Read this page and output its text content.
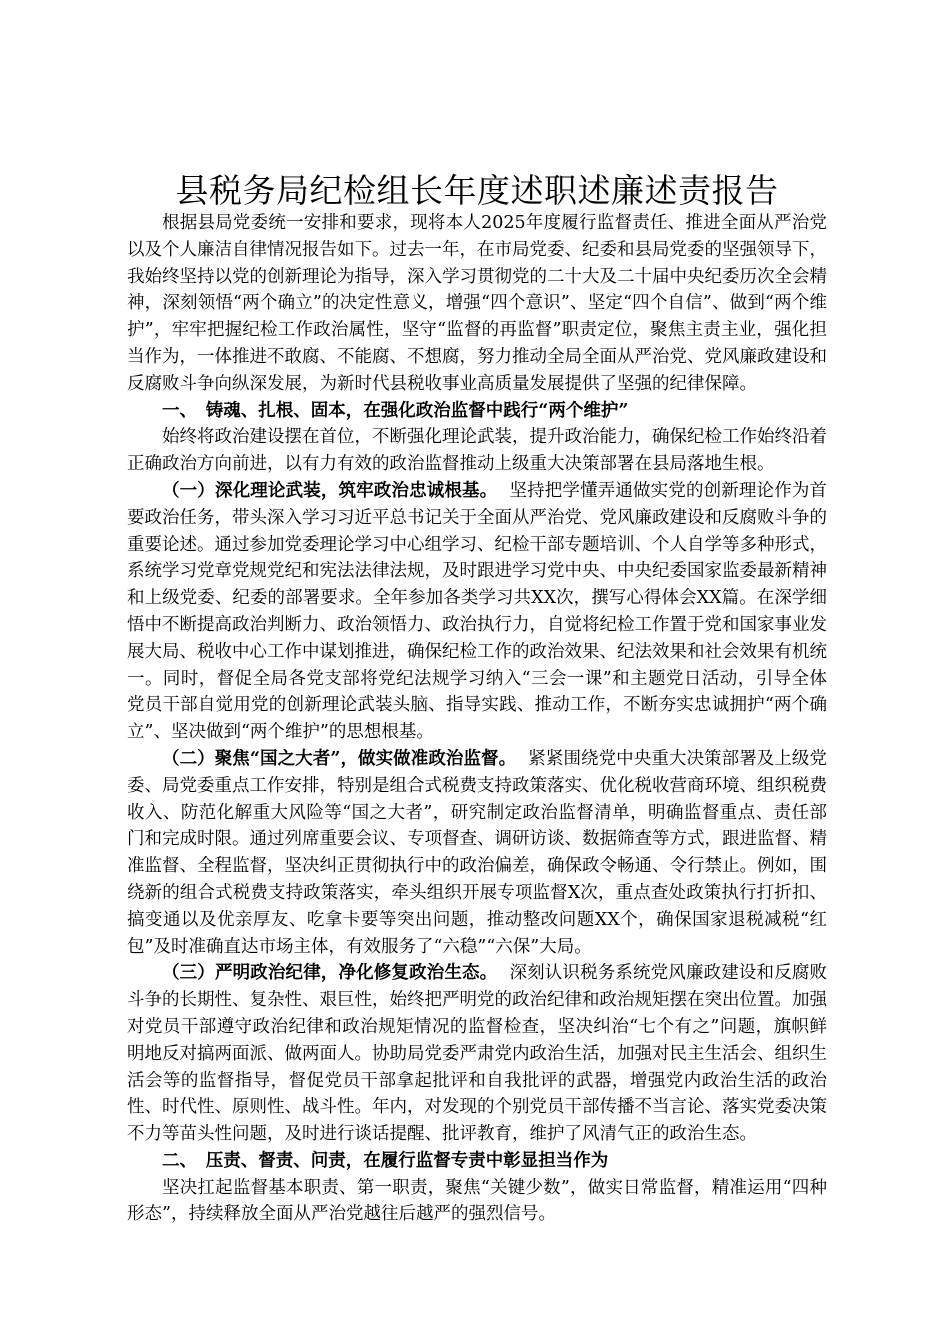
县税务局纪检组长年度述职述廉述责报告

根据县局党委统一安排和要求，现将本人2025年度履行监督责任、推进全面从严治党以及个人廉洁自律情况报告如下。过去一年，在市局党委、纪委和县局党委的坚强领导下，我始终坚持以党的创新理论为指导，深入学习贯彻党的二十大及二十届中央纪委历次全会精神，深刻领悟“两个确立”的决定性意义，增强“四个意识”、坚定“四个自信”、做到“两个维护”，牢牢把握纪检工作政治属性，坚守“监督的再监督”职责定位，聚焦主责主业，强化担当作为，一体推进不敢腐、不能腐、不想腐，努力推动全局全面从严治党、党风廉政建设和反腐败斗争向纵深发展，为新时代县税收事业高质量发展提供了坚强的纪律保障。

一、　铸魂、扎根、固本，在强化政治监督中践行“两个维护”

始终将政治建设摆在首位，不断强化理论武装，提升政治能力，确保纪检工作始终沿着正确政治方向前进，以有力有效的政治监督推动上级重大决策部署在县局落地生根。

（一）深化理论武装，筑牢政治忠诚根基。 坚持把学懂弄通做实党的创新理论作为首要政治任务，带头深入学习习近平总书记关于全面从严治党、党风廉政建设和反腐败斗争的重要论述。通过参加党委理论学习中心组学习、纪检干部专题培训、个人自学等多种形式，系统学习党章党规党纪和宪法法律法规，及时跟进学习党中央、中央纪委国家监委最新精神和上级党委、纪委的部署要求。全年参加各类学习共XX次，撰写心得体会XX篇。在深学细悟中不断提高政治判断力、政治领悟力、政治执行力，自觉将纪检工作置于党和国家事业发展大局、税收中心工作中谋划推进，确保纪检工作的政治效果、纪法效果和社会效果有机统一。同时，督促全局各党支部将党纪法规学习纳入“三会一课”和主题党日活动，引导全体党员干部自觉用党的创新理论武装头脑、指导实践、推动工作，不断夯实忠诚拥护“两个确立”、坚决做到“两个维护”的思想根基。

（二）聚焦“国之大者”，做实做准政治监督。 紧紧围绕党中央重大决策部署及上级党委、局党委重点工作安排，特别是组合式税费支持政策落实、优化税收营商环境、组织税费收入、防范化解重大风险等“国之大者”，研究制定政治监督清单，明确监督重点、责任部门和完成时限。通过列席重要会议、专项督查、调研访谈、数据筛查等方式，跟进监督、精准监督、全程监督，坚决纠正贯彻执行中的政治偏差，确保政令畅通、令行禁止。例如，围绕新的组合式税费支持政策落实，牵头组织开展专项监督X次，重点查处政策执行打折扣、搞变通以及优亲厚友、吃拿卡要等突出问题，推动整改问题XX个，确保国家退税减税“红包”及时准确直达市场主体，有效服务了“六稳”“六保”大局。

（三）严明政治纪律，净化修复政治生态。 深刻认识税务系统党风廉政建设和反腐败斗争的长期性、复杂性、艰巨性，始终把严明党的政治纪律和政治规矩摆在突出位置。加强对党员干部遵守政治纪律和政治规矩情况的监督检查，坚决纠治“七个有之”问题，旗帜鲜明地反对搞两面派、做两面人。协助局党委严肃党内政治生活，加强对民主生活会、组织生活会等的监督指导，督促党员干部拿起批评和自我批评的武器，增强党内政治生活的政治性、时代性、原则性、战斗性。年内，对发现的个别党员干部传播不当言论、落实党委决策不力等苗头性问题，及时进行谈话提醒、批评教育，维护了风清气正的政治生态。

二、　压责、督责、问责，在履行监督专责中彰显担当作为

坚决扛起监督基本职责、第一职责，聚焦“关键少数”，做实日常监督，精准运用“四种形态”，持续释放全面从严治党越往后越严的强烈信号。
